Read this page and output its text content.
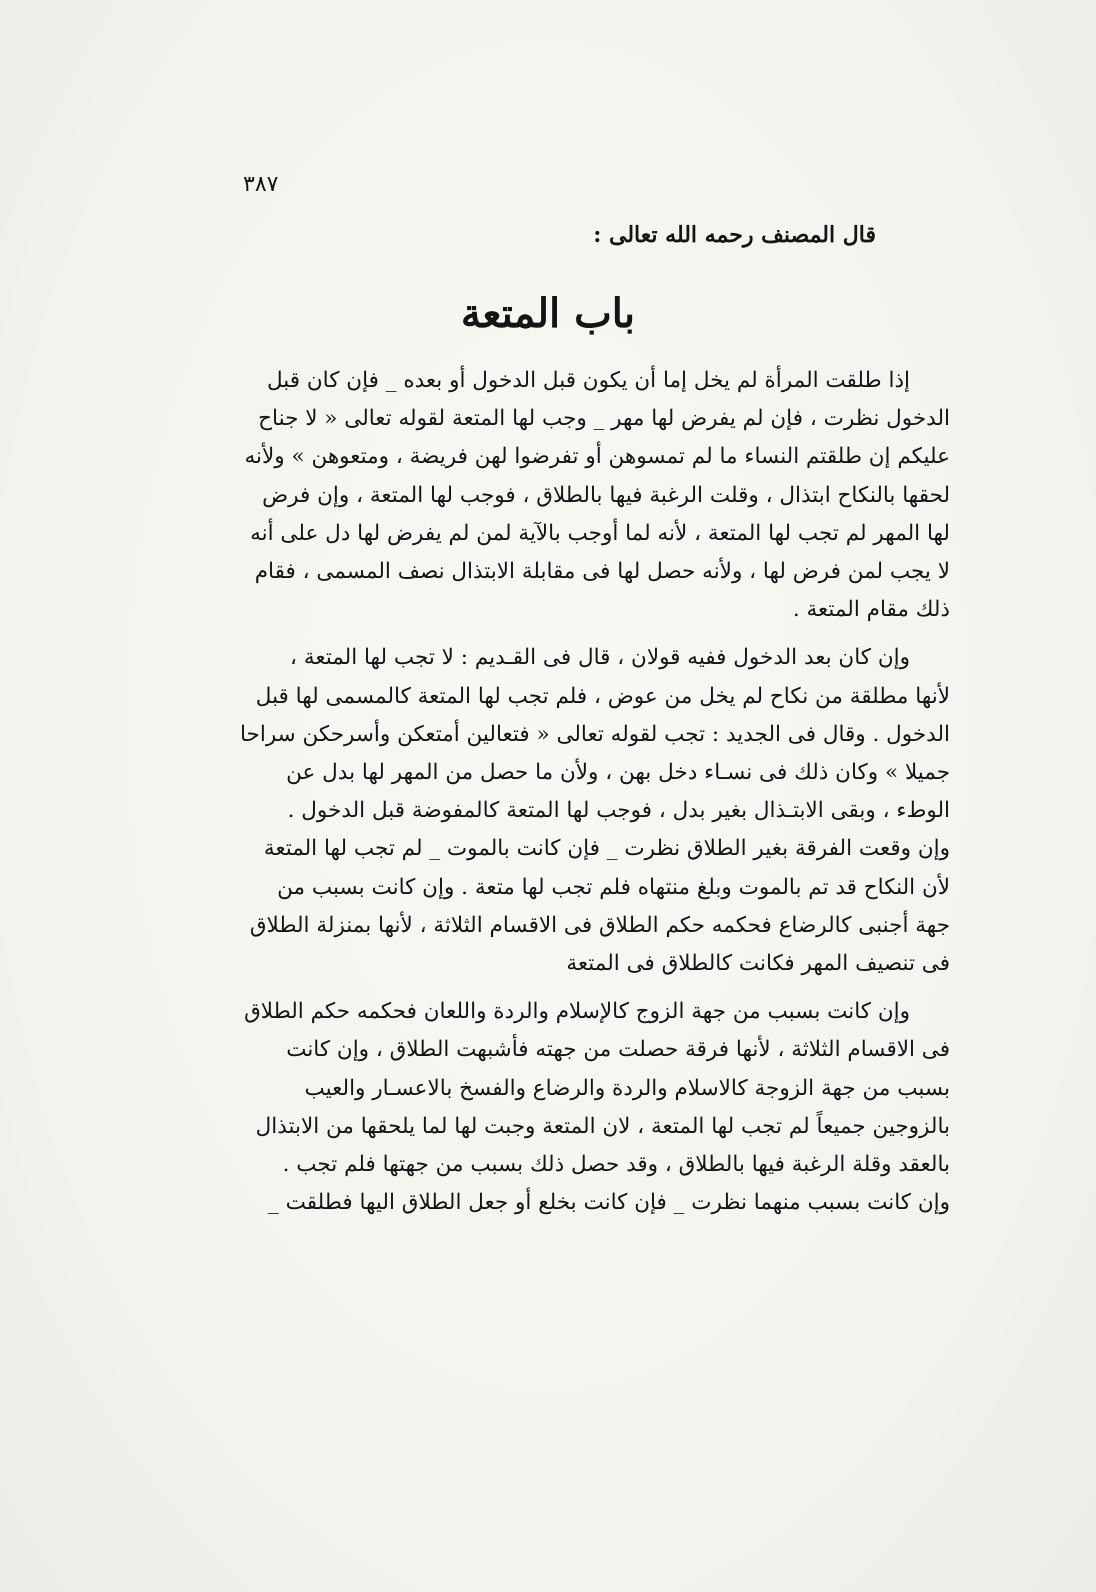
٣٨٧
قال المصنف رحمه الله تعالى :
باب المتعة
إذا طلقت المرأة لم يخل إما أن يكون قبل الدخول أو بعده _ فإن كان قبل
الدخول نظرت ، فإن لم يفرض لها مهر _ وجب لها المتعة لقوله تعالى « لا جناح
عليكم إن طلقتم النساء ما لم تمسوهن أو تفرضوا لهن فريضة ، ومتعوهن » ولأنه
لحقها بالنكاح ابتذال ، وقلت الرغبة فيها بالطلاق ، فوجب لها المتعة ، وإن فرض
لها المهر لم تجب لها المتعة ، لأنه لما أوجب بالآية لمن لم يفرض لها دل على أنه
لا يجب لمن فرض لها ، ولأنه حصل لها فى مقابلة الابتذال نصف المسمى ، فقام
ذلك مقام المتعة .
وإن كان بعد الدخول ففيه قولان ، قال فى القـديم : لا تجب لها المتعة ،
لأنها مطلقة من نكاح لم يخل من عوض ، فلم تجب لها المتعة كالمسمى لها قبل
الدخول . وقال فى الجديد : تجب لقوله تعالى « فتعالين أمتعكن وأسرحكن سراحا
جميلا » وكان ذلك فى نسـاء دخل بهن ، ولأن ما حصل من المهر لها بدل عن
الوطء ، وبقى الابتـذال بغير بدل ، فوجب لها المتعة كالمفوضة قبل الدخول .
وإن وقعت الفرقة بغير الطلاق نظرت _ فإن كانت بالموت _ لم تجب لها المتعة
لأن النكاح قد تم بالموت وبلغ منتهاه فلم تجب لها متعة . وإن كانت بسبب من
جهة أجنبى كالرضاع فحكمه حكم الطلاق فى الاقسام الثلاثة ، لأنها بمنزلة الطلاق
فى تنصيف المهر فكانت كالطلاق فى المتعة
وإن كانت بسبب من جهة الزوج كالإسلام والردة واللعان فحكمه حكم الطلاق
فى الاقسام الثلاثة ، لأنها فرقة حصلت من جهته فأشبهت الطلاق ، وإن كانت
بسبب من جهة الزوجة كالاسلام والردة والرضاع والفسخ بالاعسـار والعيب
بالزوجين جميعاً لم تجب لها المتعة ، لان المتعة وجبت لها لما يلحقها من الابتذال
بالعقد وقلة الرغبة فيها بالطلاق ، وقد حصل ذلك بسبب من جهتها فلم تجب .
وإن كانت بسبب منهما نظرت _ فإن كانت بخلع أو جعل الطلاق اليها فطلقت _
